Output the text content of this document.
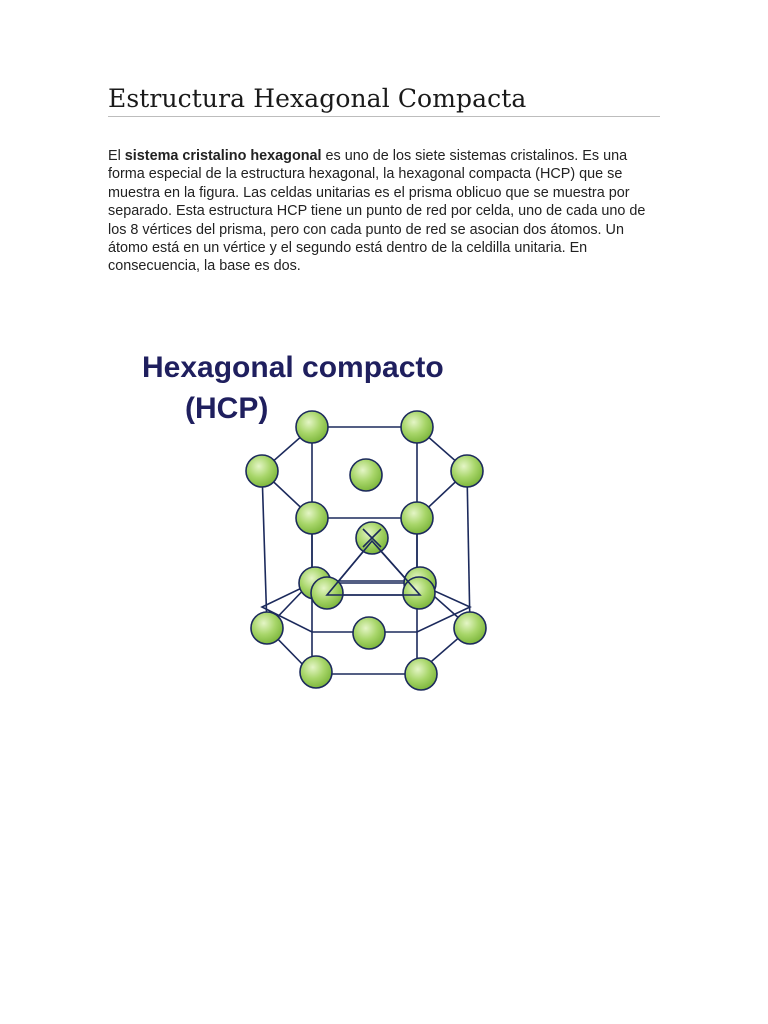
Estructura Hexagonal Compacta

El sistema cristalino hexagonal es uno de los siete sistemas cristalinos. Es una forma especial de la estructura hexagonal, la hexagonal compacta (HCP) que se muestra en la figura. Las celdas unitarias es el prisma oblicuo que se muestra por separado. Esta estructura HCP tiene un punto de red por celda, uno de cada uno de los 8 vértices del prisma, pero con cada punto de red se asocian dos átomos. Un átomo está en un vértice y el segundo está dentro de la celdilla unitaria. En consecuencia, la base es dos.

Hexagonal compacto
(HCP)
